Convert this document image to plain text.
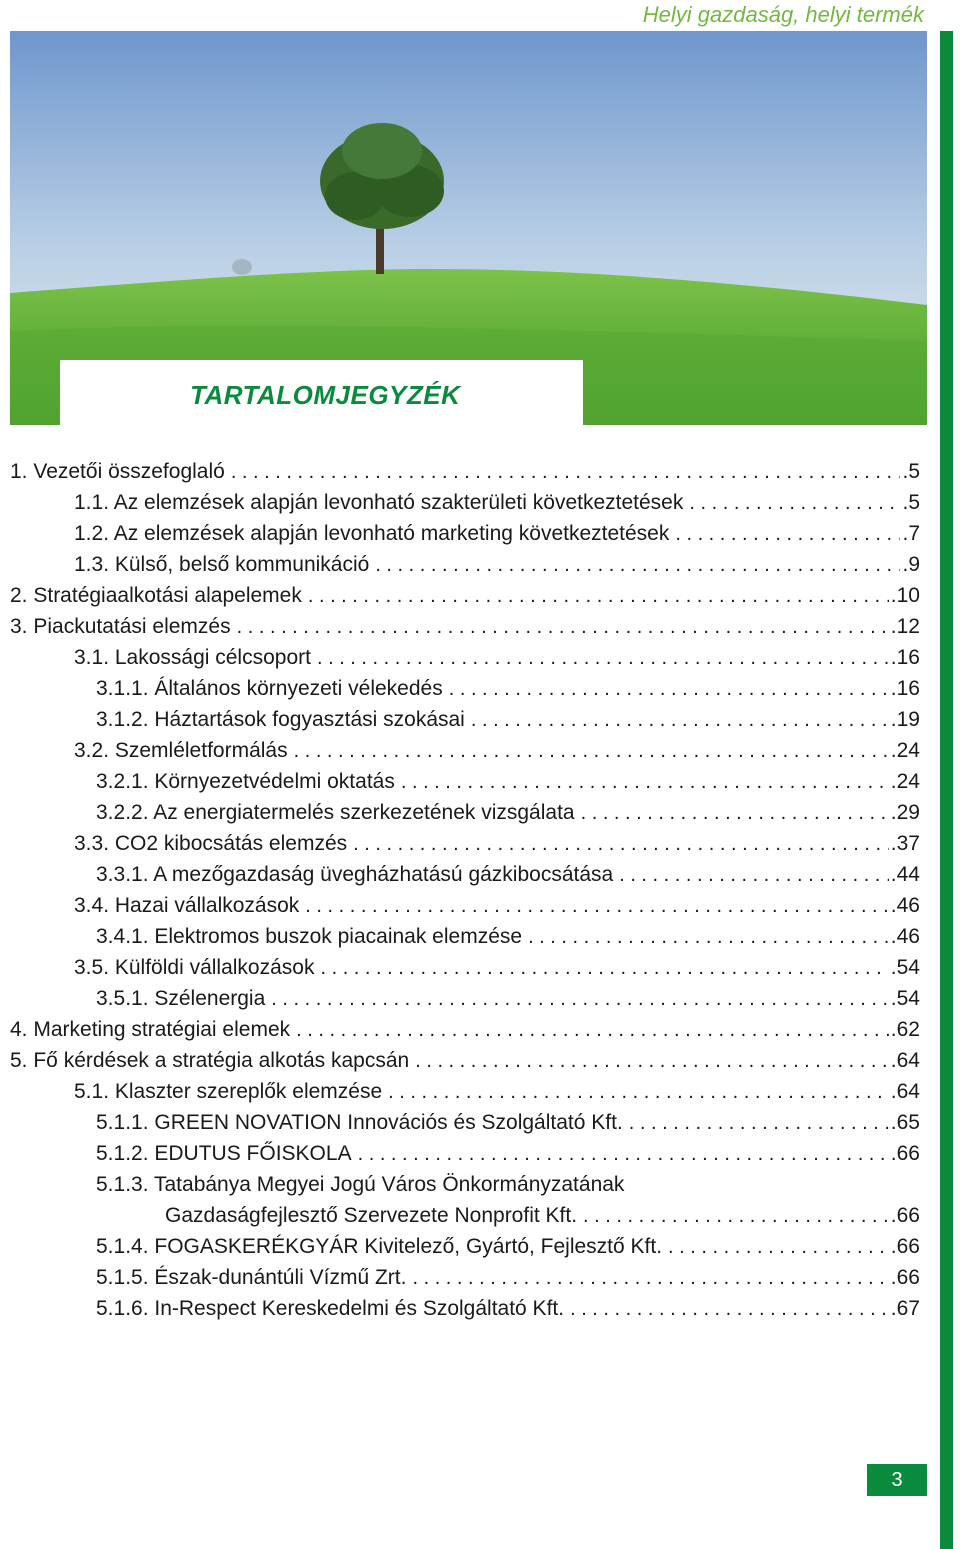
Helyi gazdaság, helyi termék
TARTALOMJEGYZÉK
1. Vezetői összefoglaló . . .	.5
1.1. Az elemzések alapján levonható szakterületi következtetések . . .	.5
1.2. Az elemzések alapján levonható marketing következtetések . . .	.7
1.3. Külső, belső kommunikáció . . .	.9
2. Stratégiaalkotási alapelemek . . .	.10
3. Piackutatási elemzés . . .	.12
3.1. Lakossági célcsoport . . .	.16
3.1.1. Általános környezeti vélekedés . . .	.16
3.1.2. Háztartások fogyasztási szokásai . . .	.19
3.2. Szemléletformálás . . .	.24
3.2.1. Környezetvédelmi oktatás . . .	.24
3.2.2. Az energiatermelés szerkezetének vizsgálata . . .	.29
3.3. CO2 kibocsátás elemzés . . .	.37
3.3.1. A mezőgazdaság üvegházhatású gázkibocsátása . . .	.44
3.4. Hazai vállalkozások . . .	.46
3.4.1. Elektromos buszok piacainak elemzése . . .	.46
3.5. Külföldi vállalkozások . . .	.54
3.5.1. Szélenergia . . .	.54
4. Marketing stratégiai elemek . . .	.62
5. Fő kérdések a stratégia alkotás kapcsán . . .	.64
5.1. Klaszter szereplők elemzése . . .	.64
5.1.1. GREEN NOVATION Innovációs és Szolgáltató Kft. . . .	.65
5.1.2. EDUTUS FŐISKOLA . . .	.66
5.1.3. Tatabánya Megyei Jogú Város Önkormányzatának
Gazdaságfejlesztő Szervezete Nonprofit Kft. . . .	.66
5.1.4. FOGASKERÉKGYÁR Kivitelező, Gyártó, Fejlesztő Kft. . . .	.66
5.1.5. Észak-dunántúli Vízmű Zrt. . . .	.66
5.1.6. In-Respect Kereskedelmi és Szolgáltató Kft. . . .	.67
3
